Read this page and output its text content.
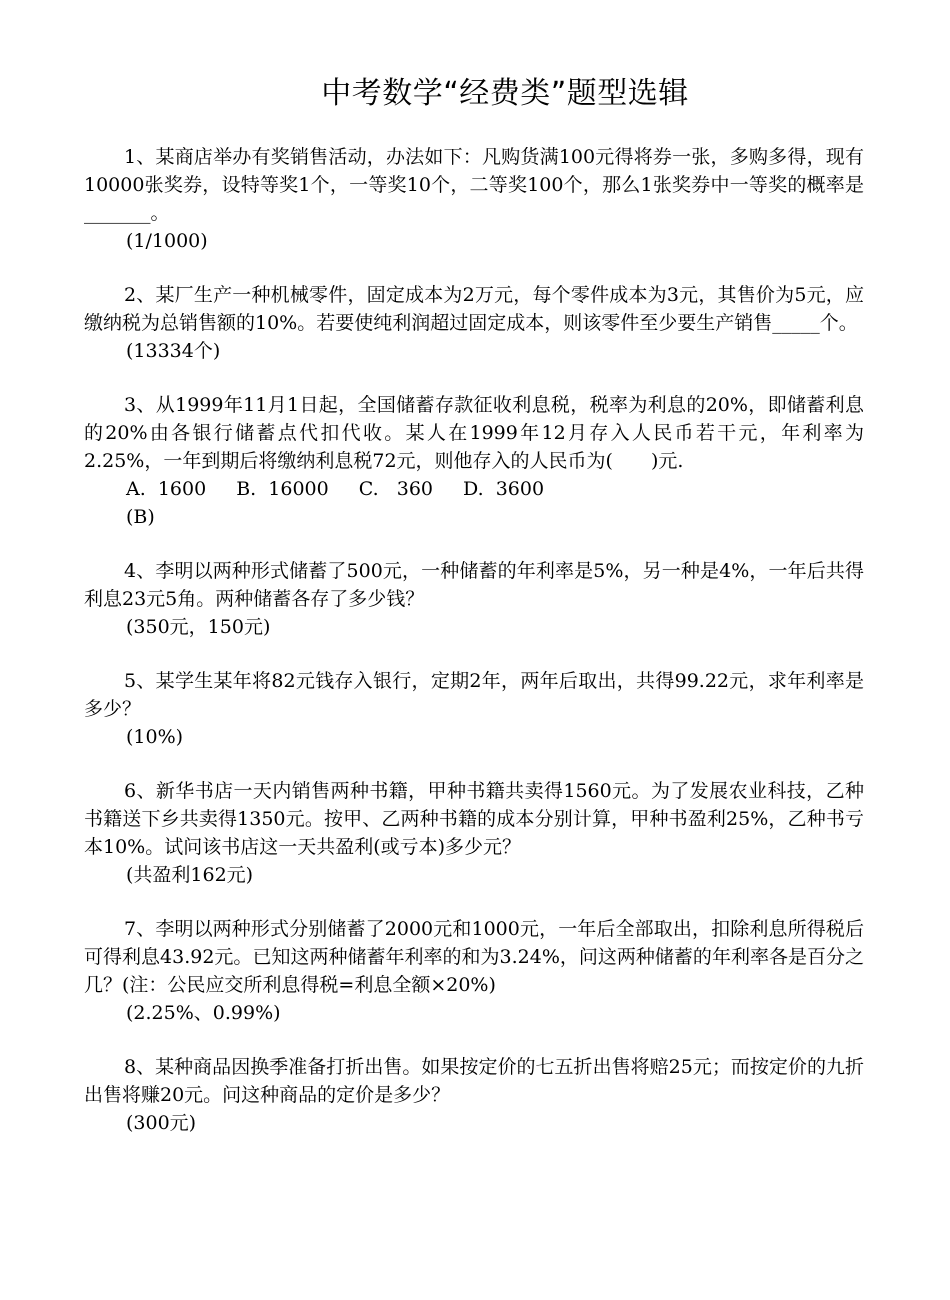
中考数学“经费类”题型选辑

1、某商店举办有奖销售活动，办法如下：凡购货满100元得将券一张，多购多得，现有10000张奖券，设特等奖1个，一等奖10个，二等奖100个，那么1张奖券中一等奖的概率是_______。

(1/1000)

2、某厂生产一种机械零件，固定成本为2万元，每个零件成本为3元，其售价为5元，应缴纳税为总销售额的10%。若要使纯利润超过固定成本，则该零件至少要生产销售_____个。

(13334个)

3、从1999年11月1日起，全国储蓄存款征收利息税，税率为利息的20%，即储蓄利息的20%由各银行储蓄点代扣代收。某人在1999年12月存入人民币若干元，年利率为2.25%，一年到期后将缴纳利息税72元，则他存入的人民币为(　　)元.

A.  1600 B.  16000 C.   360 D.  3600

(B)

4、李明以两种形式储蓄了500元，一种储蓄的年利率是5%，另一种是4%，一年后共得利息23元5角。两种储蓄各存了多少钱？

(350元，150元)

5、某学生某年将82元钱存入银行，定期2年，两年后取出，共得99.22元，求年利率是多少？

(10%)

6、新华书店一天内销售两种书籍，甲种书籍共卖得1560元。为了发展农业科技，乙种书籍送下乡共卖得1350元。按甲、乙两种书籍的成本分别计算，甲种书盈利25%，乙种书亏本10%。试问该书店这一天共盈利(或亏本)多少元？

(共盈利162元)

7、李明以两种形式分别储蓄了2000元和1000元，一年后全部取出，扣除利息所得税后可得利息43.92元。已知这两种储蓄年利率的和为3.24%，问这两种储蓄的年利率各是百分之几？(注：公民应交所利息得税=利息全额×20%)

(2.25%、0.99%)

8、某种商品因换季准备打折出售。如果按定价的七五折出售将赔25元；而按定价的九折出售将赚20元。问这种商品的定价是多少？

(300元)
